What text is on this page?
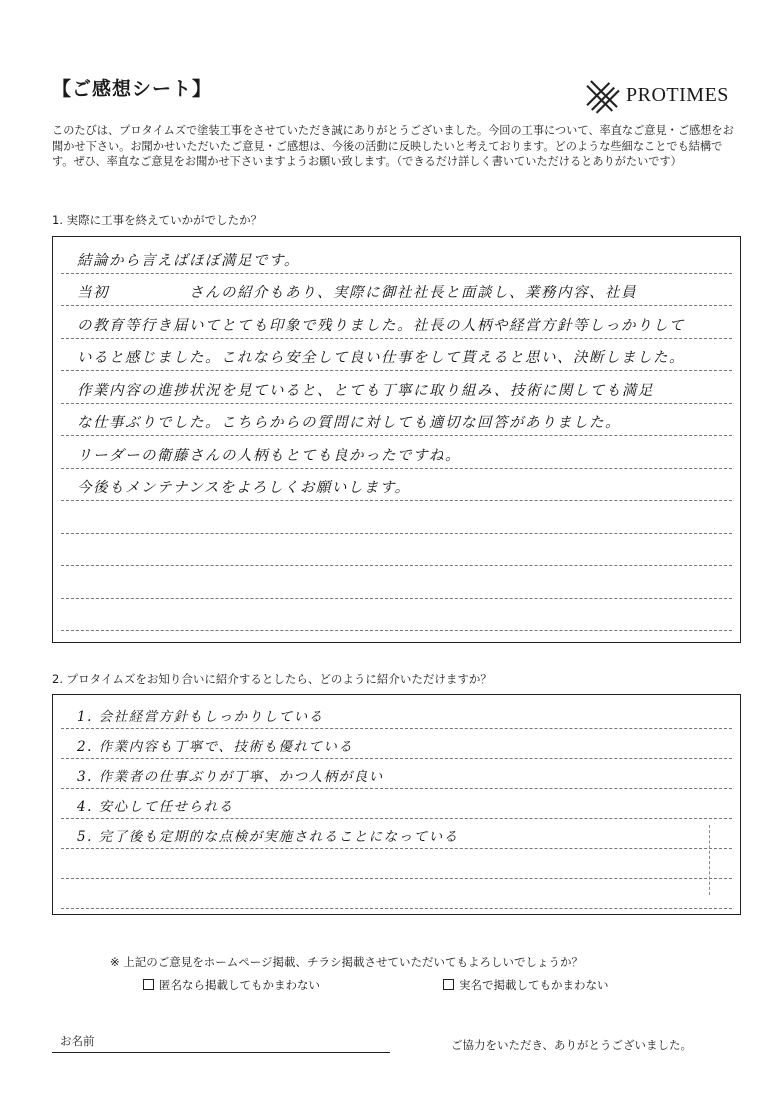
【ご感想シート】	PROTIMES
このたびは、プロタイムズで塗装工事をさせていただき誠にありがとうございました。今回の工事について、率直なご意見・ご感想をお聞かせ下さい。お聞かせいただいたご意見・ご感想は、今後の活動に反映したいと考えております。どのような些細なことでも結構です。ぜひ、率直なご意見をお聞かせ下さいますようお願い致します。（できるだけ詳しく書いていただけるとありがたいです）
1. 実際に工事を終えていかがでしたか？
結論から言えばほぼ満足です。
当初　　　　　さんの紹介もあり、実際に御社社長と面談し、業務内容、社員
の教育等行き届いてとても印象で残りました。社長の人柄や経営方針等しっかりして
いると感じました。これなら安全して良い仕事をして貰えると思い、決断しました。
作業内容の進捗状況を見ていると、とても丁寧に取り組み、技術に関しても満足
な仕事ぶりでした。こちらからの質問に対しても適切な回答がありました。
リーダーの衛藤さんの人柄もとても良かったですね。
今後もメンテナンスをよろしくお願いします。
2. プロタイムズをお知り合いに紹介するとしたら、どのように紹介いただけますか？
1. 会社経営方針もしっかりしている
2. 作業内容も丁寧で、技術も優れている
3. 作業者の仕事ぶりが丁寧、かつ人柄が良い
4. 安心して任せられる
5. 完了後も定期的な点検が実施されることになっている
※ 上記のご意見をホームページ掲載、チラシ掲載させていただいてもよろしいでしょうか？
匿名なら掲載してもかまわない	実名で掲載してもかまわない
お名前	ご協力をいただき、ありがとうございました。
